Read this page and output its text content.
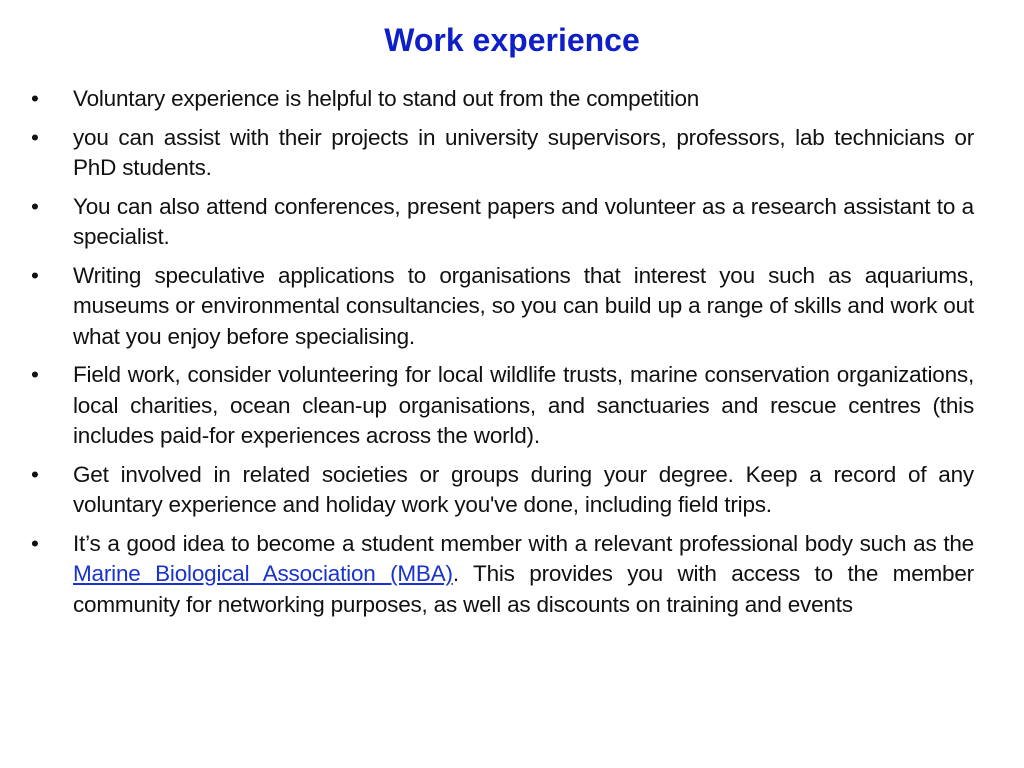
Work experience
•	Voluntary experience is helpful to stand out from the competition
•	you can assist with their projects in university supervisors, professors, lab technicians or PhD students.
•	You can also attend conferences, present papers and volunteer as a research assistant to a specialist.
•	Writing speculative applications to organisations that interest you such as aquariums, museums or environmental consultancies, so you can build up a range of skills and work out what you enjoy before specialising.
•	Field work, consider volunteering for local wildlife trusts, marine conservation organizations, local charities, ocean clean-up organisations, and sanctuaries and rescue centres (this includes paid-for experiences across the world).
•	Get involved in related societies or groups during your degree. Keep a record of any voluntary experience and holiday work you've done, including field trips.
•	It’s a good idea to become a student member with a relevant professional body such as the Marine Biological Association (MBA). This provides you with access to the member community for networking purposes, as well as discounts on training and events
